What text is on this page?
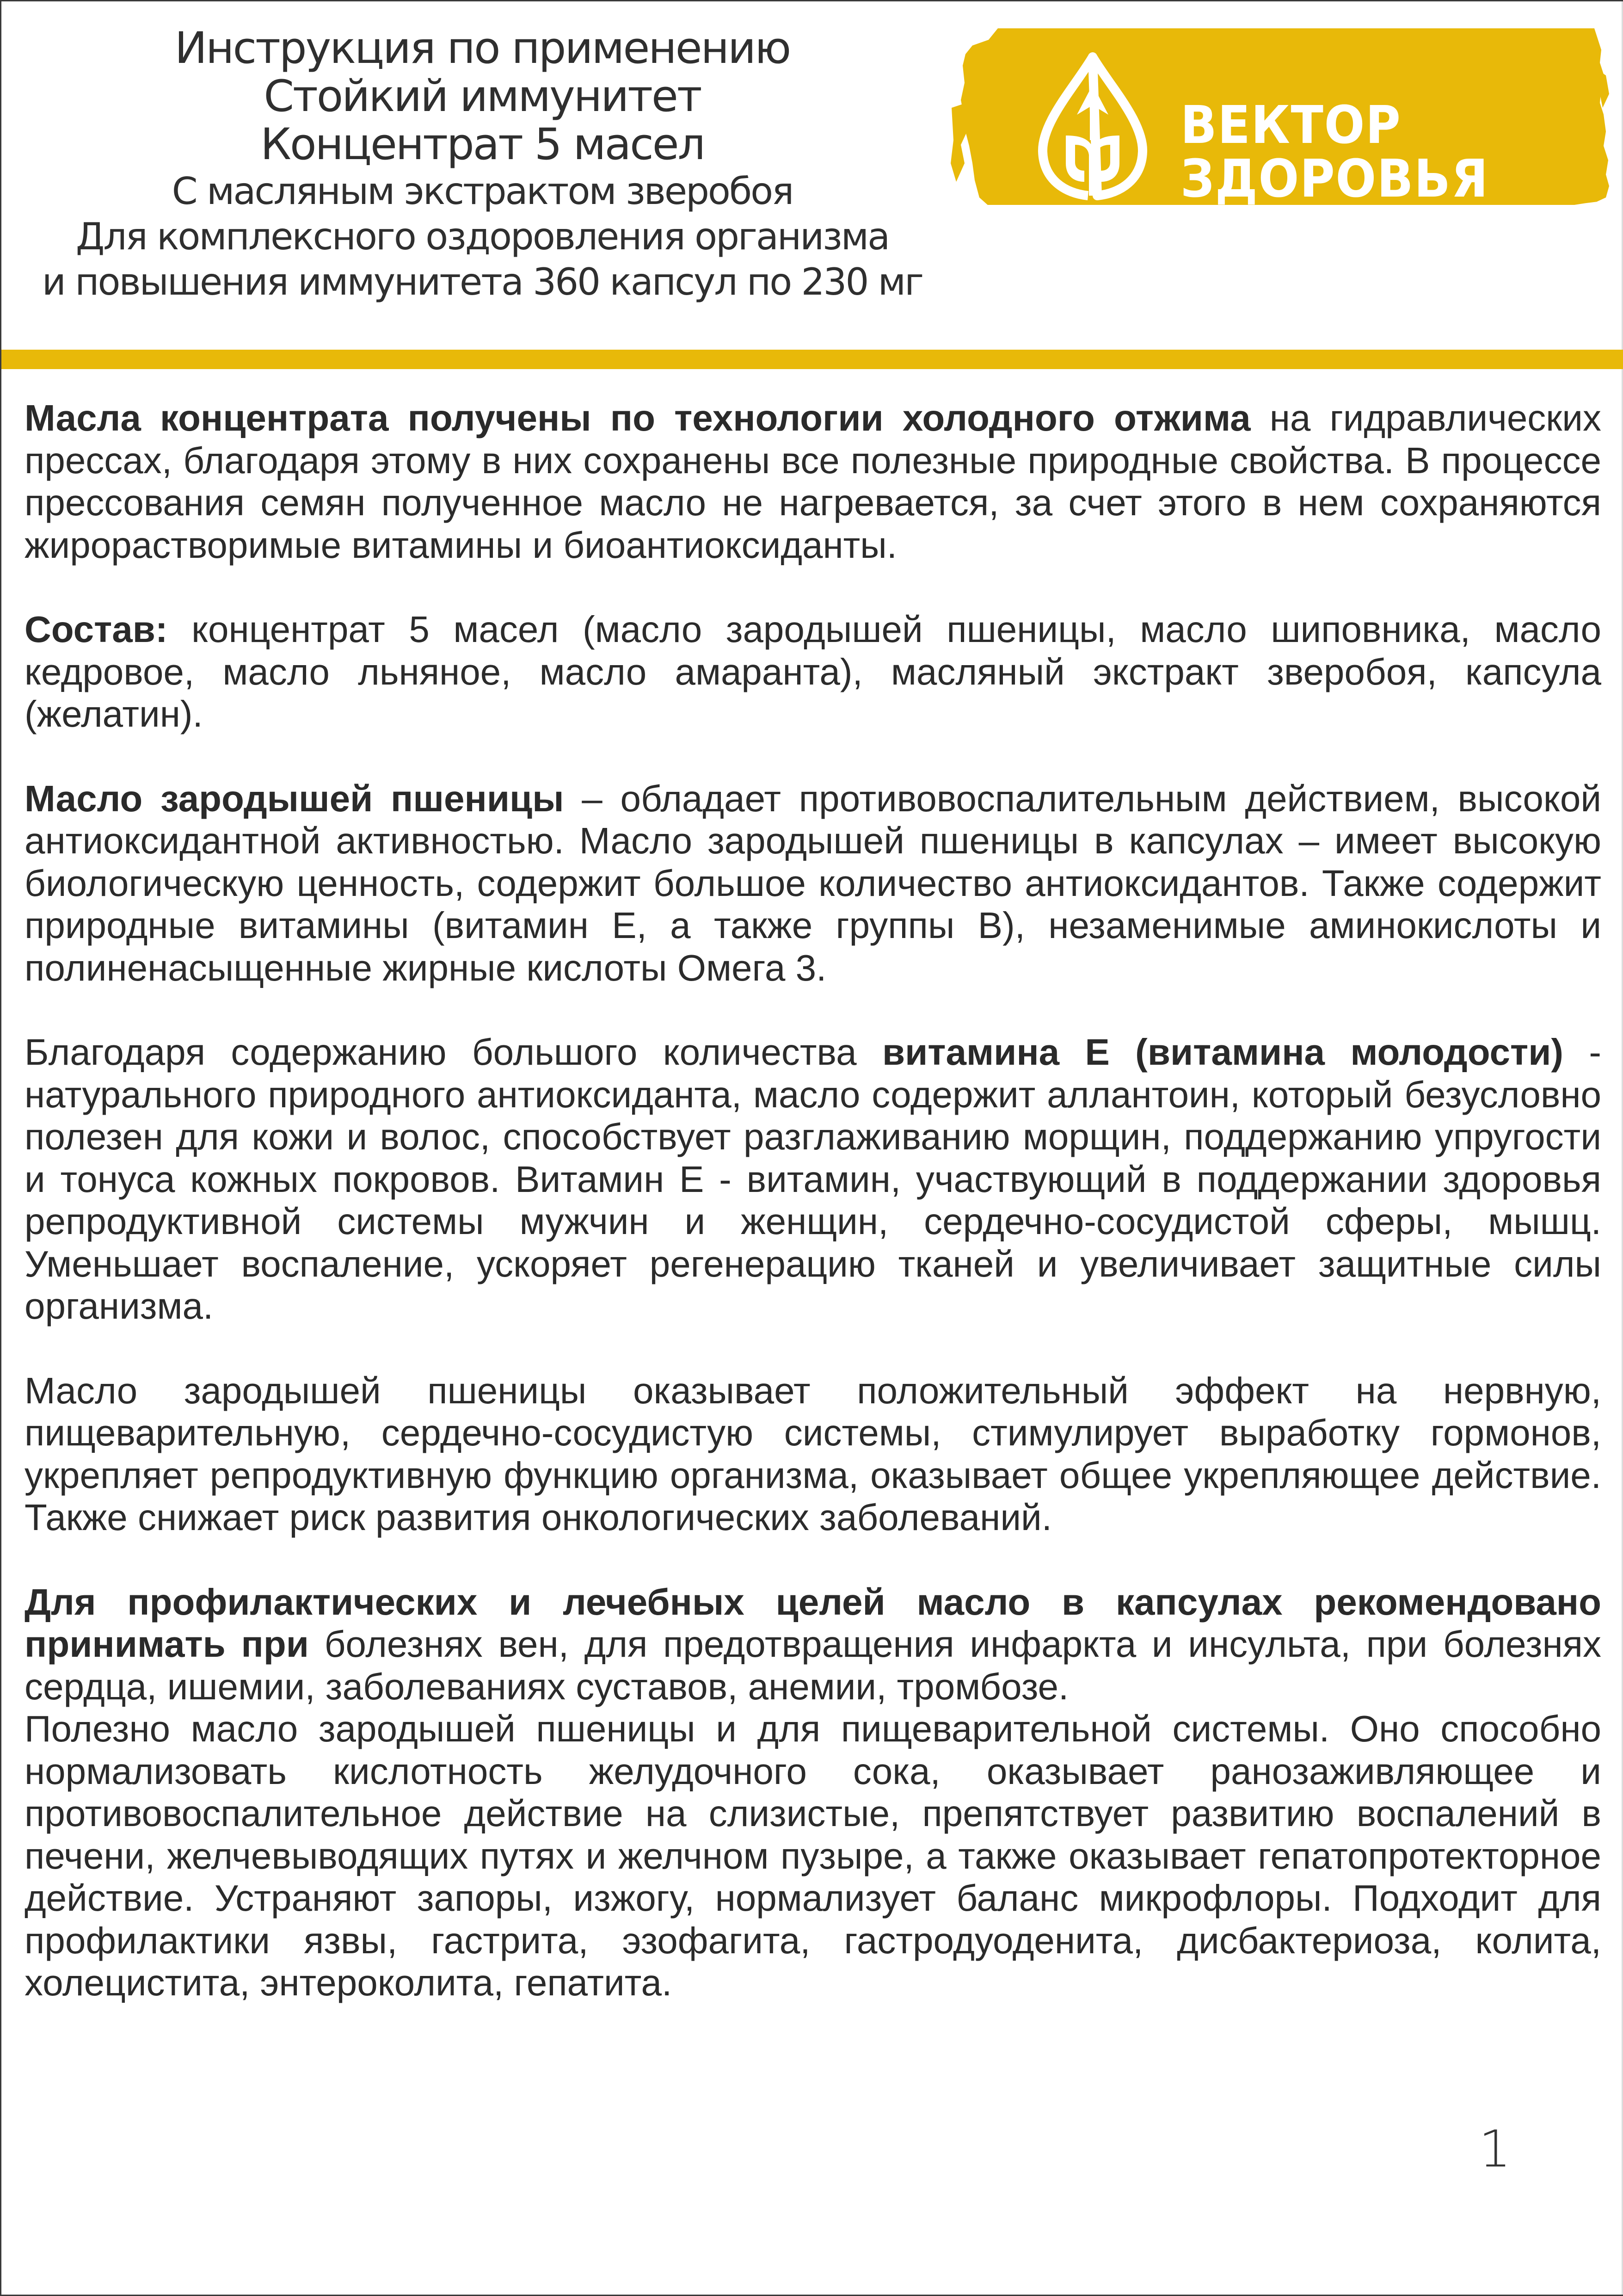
Инструкция по применению
Стойкий иммунитет
Концентрат 5 масел
С масляным экстрактом зверобоя
Для комплексного оздоровления организма
и повышения иммунитета 360 капсул по 230 мг
ВЕКТОР
ЗДОРОВЬЯ

Масла концентрата получены по технологии холодного отжима на гидравлических прессах, благодаря этому в них сохранены все полезные природные свойства. В процессе прессования семян полученное масло не нагревается, за счет этого в нем сохраняются жирорастворимые витамины и биоантиоксиданты.

Состав: концентрат 5 масел (масло зародышей пшеницы, масло шиповника, масло кедровое, масло льняное, масло амаранта), масляный экстракт зверобоя, капсула (желатин).

Масло зародышей пшеницы – обладает противовоспалительным действием, высокой антиоксидантной активностью. Масло зародышей пшеницы в капсулах – имеет высокую биологическую ценность, содержит большое количество антиоксидантов. Также содержит природные витамины (витамин Е, а также группы В), незаменимые аминокислоты и полиненасыщенные жирные кислоты Омега 3.

Благодаря содержанию большого количества витамина Е (витамина молодости) - натурального природного антиоксиданта, масло содержит аллантоин, который безусловно полезен для кожи и волос, способствует разглаживанию морщин, поддержанию упругости и тонуса кожных покровов. Витамин Е - витамин, участвующий в поддержании здоровья репродуктивной системы мужчин и женщин, сердечно-сосудистой сферы, мышц. Уменьшает воспаление, ускоряет регенерацию тканей и увеличивает защитные силы организма.

Масло зародышей пшеницы оказывает положительный эффект на нервную, пищеварительную, сердечно-сосудистую системы, стимулирует выработку гормонов, укрепляет репродуктивную функцию организма, оказывает общее укрепляющее действие. Также снижает риск развития онкологических заболеваний.

Для профилактических и лечебных целей масло в капсулах рекомендовано принимать при болезнях вен, для предотвращения инфаркта и инсульта, при болезнях сердца, ишемии, заболеваниях суставов, анемии, тромбозе.

Полезно масло зародышей пшеницы и для пищеварительной системы. Оно способно нормализовать кислотность желудочного сока, оказывает ранозаживляющее и противовоспалительное действие на слизистые, препятствует развитию воспалений в печени, желчевыводящих путях и желчном пузыре, а также оказывает гепатопротекторное действие. Устраняют запоры, изжогу, нормализует баланс микрофлоры. Подходит для профилактики язвы, гастрита, эзофагита, гастродуоденита, дисбактериоза, колита, холецистита, энтероколита, гепатита.

1
